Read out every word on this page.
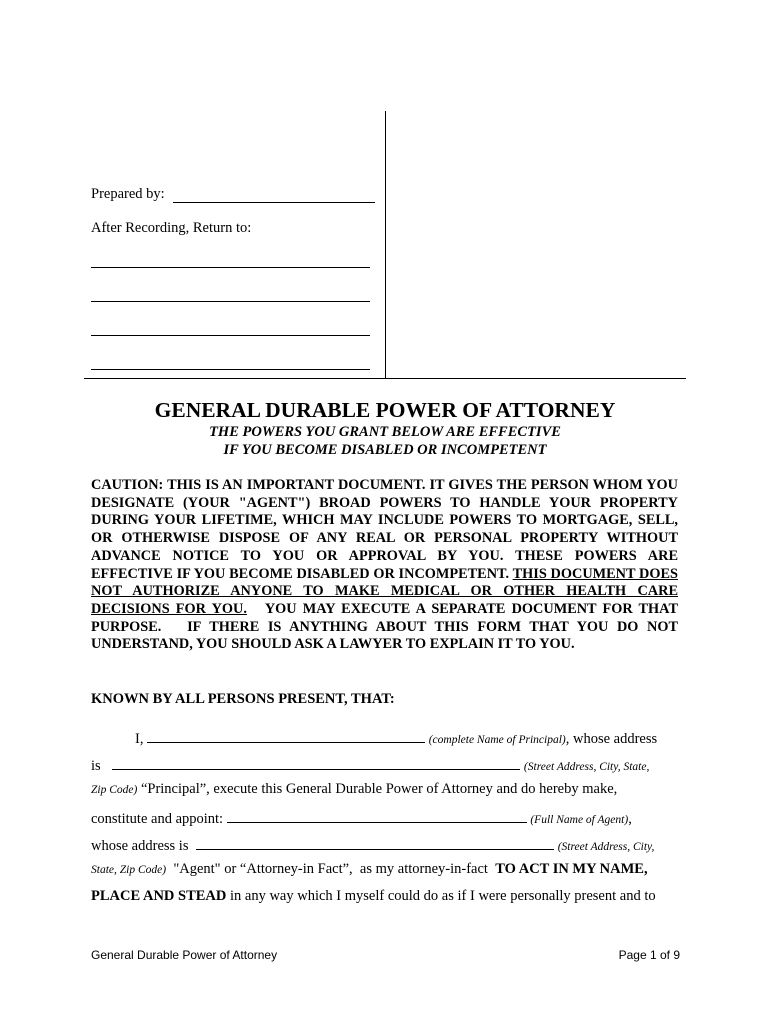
Prepared by:
After Recording, Return to:
GENERAL DURABLE POWER OF ATTORNEY
THE POWERS YOU GRANT BELOW ARE EFFECTIVE
IF YOU BECOME DISABLED OR INCOMPETENT
CAUTION: THIS IS AN IMPORTANT DOCUMENT. IT GIVES THE PERSON WHOM YOU DESIGNATE (YOUR "AGENT") BROAD POWERS TO HANDLE YOUR PROPERTY DURING YOUR LIFETIME, WHICH MAY INCLUDE POWERS TO MORTGAGE, SELL, OR OTHERWISE DISPOSE OF ANY REAL OR PERSONAL PROPERTY WITHOUT ADVANCE NOTICE TO YOU OR APPROVAL BY YOU. THESE POWERS ARE EFFECTIVE IF YOU BECOME DISABLED OR INCOMPETENT. THIS DOCUMENT DOES NOT AUTHORIZE ANYONE TO MAKE MEDICAL OR OTHER HEALTH CARE DECISIONS FOR YOU.   YOU MAY EXECUTE A SEPARATE DOCUMENT FOR THAT PURPOSE.   IF THERE IS ANYTHING ABOUT THIS FORM THAT YOU DO NOT UNDERSTAND, YOU SHOULD ASK A LAWYER TO EXPLAIN IT TO YOU.
KNOWN BY ALL PERSONS PRESENT, THAT:
I,	(complete Name of Principal), whose address
is	(Street Address, City, State,
Zip Code) “Principal”, execute this General Durable Power of Attorney and do hereby make,
constitute and appoint:	(Full Name of Agent),
whose address is	(Street Address, City,
State, Zip Code)  "Agent" or “Attorney-in Fact”,  as my attorney-in-fact  TO ACT IN MY NAME,
PLACE AND STEAD in any way which I myself could do as if I were personally present and to
General Durable Power of Attorney	Page 1 of 9
